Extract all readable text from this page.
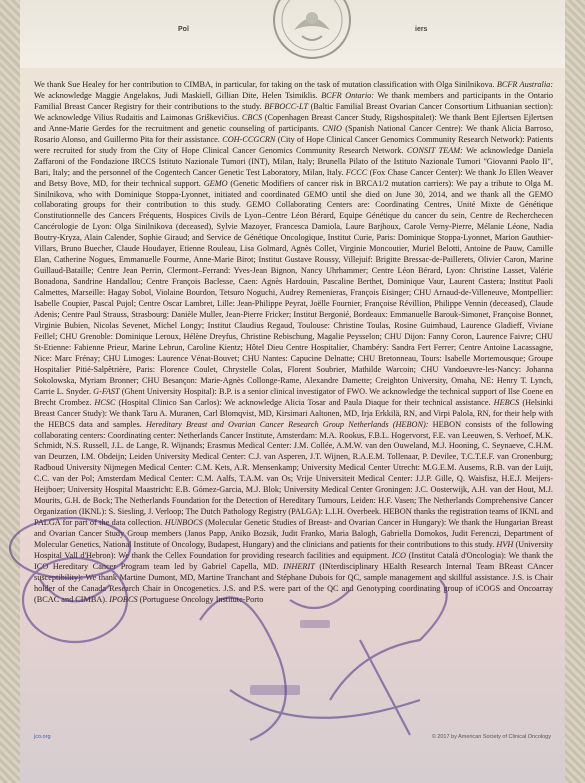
Pol	iers

We thank Sue Healey for her contribution to CIMBA, in particular, for taking on the task of mutation classification with Olga Sinilnikova. BCFR Australia: We acknowledge Maggie Angelakos, Judi Maskiell, Gillian Dite, Helen Tsimiklis. BCFR Ontario: We thank members and participants in the Ontario Familial Breast Cancer Registry for their contributions to the study. BFBOCC-LT (Baltic Familial Breast Ovarian Cancer Consortium Lithuanian section): We acknowledge Vilius Rudaitis and Laimonas Griškevičius. CBCS (Copenhagen Breast Cancer Study, Rigshospitalet): We thank Bent Ejlertsen Ejlertsen and Anne-Marie Gerdes for the recruitment and genetic counseling of participants. CNIO (Spanish National Cancer Centre): We thank Alicia Barroso, Rosario Alonso, and Guillermo Pita for their assistance. COH-CCGCRN (City of Hope Clinical Cancer Genomics Community Research Network): Patients were recruited for study from the City of Hope Clinical Cancer Genomics Community Research Network. CONSIT TEAM: We acknowledge Daniela Zaffaroni of the Fondazione IRCCS Istituto Nazionale Tumori (INT), Milan, Italy; Brunella Pilato of the Istituto Nazionale Tumori "Giovanni Paolo II", Bari, Italy; and the personnel of the Cogentech Cancer Genetic Test Laboratory, Milan, Italy. FCCC (Fox Chase Cancer Center): We thank Jo Ellen Weaver and Betsy Bove, MD, for their technical support. GEMO (Genetic Modifiers of cancer risk in BRCA1/2 mutation carriers): We pay a tribute to Olga M. Sinilnikova, who with Dominique Stoppa-Lyonnet, initiated and coordinated GEMO until she died on June 30, 2014, and we thank all the GEMO collaborating groups for their contribution to this study. GEMO Collaborating Centers are: Coordinating Centres, Unité Mixte de Génétique Constitutionnelle des Cancers Fréquents, Hospices Civils de Lyon–Centre Léon Bérard, Equipe Génétique du cancer du sein, Centre de Recherchecen Cancérologie de Lyon: Olga Sinilnikova (deceased), Sylvie Mazoyer, Francesca Damiola, Laure Barjhoux, Carole Verny-Pierre, Mélanie Léone, Nadia Boutry-Kryza, Alain Calender, Sophie Giraud; and Service de Génétique Oncologique, Institut Curie, Paris: Dominique Stoppa-Lyonnet, Marion Gauthier-Villars, Bruno Buecher, Claude Houdayer, Etienne Rouleau, Lisa Golmard, Agnès Collet, Virginie Moncoutier, Muriel Belotti, Antoine de Pauw, Camille Elan, Catherine Nogues, Emmanuelle Fourme, Anne-Marie Birot; Institut Gustave Roussy, Villejuif: Brigitte Bressac-de-Paillerets, Olivier Caron, Marine Guillaud-Bataille; Centre Jean Perrin, Clermont–Ferrand: Yves-Jean Bignon, Nancy Uhrhammer; Centre Léon Bérard, Lyon: Christine Lasset, Valérie Bonadona, Sandrine Handallou; Centre François Baclesse, Caen: Agnès Hardouin, Pascaline Berthet, Dominique Vaur, Laurent Castera; Institut Paoli Calmettes, Marseille: Hagay Sobol, Violaine Bourdon, Tetsuro Noguchi, Audrey Remenieras, François Eisinger; CHU Arnaud-de-Villeneuve, Montpellier: Isabelle Coupier, Pascal Pujol; Centre Oscar Lambret, Lille: Jean-Philippe Peyrat, Joëlle Fournier, Françoise Révillion, Philippe Vennin (deceased), Claude Adenis; Centre Paul Strauss, Strasbourg: Danièle Muller, Jean-Pierre Fricker; Institut Bergonié, Bordeaux: Emmanuelle Barouk-Simonet, Françoise Bonnet, Virginie Bubien, Nicolas Sevenet, Michel Longy; Institut Claudius Regaud, Toulouse: Christine Toulas, Rosine Guimbaud, Laurence Gladieff, Viviane Feillel; CHU Grenoble: Dominique Leroux, Hélène Dreyfus, Christine Rebischung, Magalie Peysselon; CHU Dijon: Fanny Coron, Laurence Faivre; CHU St-Etienne: Fabienne Prieur, Marine Lebrun, Caroline Kientz; Hôtel Dieu Centre Hospitalier, Chambéry: Sandra Fert Ferrer; Centre Antoine Lacassagne, Nice: Marc Frénay; CHU Limoges: Laurence Vénat-Bouvet; CHU Nantes: Capucine Delnatte; CHU Bretonneau, Tours: Isabelle Mortemousque; Groupe Hospitalier Pitié-Salpêtrière, Paris: Florence Coulet, Chrystelle Colas, Florent Soubrier, Mathilde Warcoin; CHU Vandoeuvre-les-Nancy: Johanna Sokolowska, Myriam Bronner; CHU Besançon: Marie-Agnès Collonge-Rame, Alexandre Damette; Creighton University, Omaha, NE: Henry T. Lynch, Carrie L. Snyder. G-FAST (Ghent University Hospital): B.P. is a senior clinical investigator of FWO. We acknowledge the technical support of Ilse Coene en Brecht Crombez. HCSC (Hospital Clinico San Carlos): We acknowledge Alicia Tosar and Paula Diaque for their technical assistance. HEBCS (Helsinki Breast Cancer Study): We thank Taru A. Muranen, Carl Blomqvist, MD, Kirsimari Aaltonen, MD, Irja Erkkilä, RN, and Virpi Palola, RN, for their help with the HEBCS data and samples. Hereditary Breast and Ovarian Cancer Research Group Netherlands (HEBON): HEBON consists of the following collaborating centers: Coordinating center: Netherlands Cancer Institute, Amsterdam: M.A. Rookus, F.B.L. Hogervorst, F.E. van Leeuwen, S. Verhoef, M.K. Schmidt, N.S. Russell, J.L. de Lange, R. Wijnands; Erasmus Medical Center: J.M. Collée, A.M.W. van den Ouweland, M.J. Hooning, C. Seynaeve, C.H.M. van Deurzen, I.M. Obdeijn; Leiden University Medical Center: C.J. van Asperen, J.T. Wijnen, R.A.E.M. Tollenaar, P. Devilee, T.C.T.E.F. van Cronenburg; Radboud University Nijmegen Medical Center: C.M. Kets, A.R. Mensenkamp; University Medical Center Utrecht: M.G.E.M. Ausems, R.B. van der Luijt, C.C. van der Pol; Amsterdam Medical Center: C.M. Aalfs, T.A.M. van Os; Vrije Universiteit Medical Center: J.J.P. Gille, Q. Waisfisz, H.E.J. Meijers-Heijboer; University Hospital Maastricht: E.B. Gómez-Garcia, M.J. Blok; University Medical Center Groningen: J.C. Oosterwijk, A.H. van der Hout, M.J. Mourits, G.H. de Bock; The Netherlands Foundation for the Detection of Hereditary Tumours, Leiden: H.F. Vasen; The Netherlands Comprehensive Cancer Organization (IKNL): S. Siesling, J. Verloop; The Dutch Pathology Registry (PALGA): L.I.H. Overbeek. HEBON thanks the registration teams of IKNL and PALGA for part of the data collection. HUNBOCS (Molecular Genetic Studies of Breast- and Ovarian Cancer in Hungary): We thank the Hungarian Breast and Ovarian Cancer Study Group members (Janos Papp, Aniko Bozsik, Judit Franko, Maria Balogh, Gabriella Domokos, Judit Ferenczi, Department of Molecular Genetics, National Institute of Oncology, Budapest, Hungary) and the clinicians and patients for their contributions to this study. HVH (University Hospital Vall d'Hebron): We thank the Cellex Foundation for providing research facilities and equipment. ICO (Institut Català d'Oncologia): We thank the ICO Hereditary Cancer Program team led by Gabriel Capella, MD. INHERIT (INterdisciplinary HEalth Research Internal Team BReast CAncer susceptibility): We thank Martine Dumont, MD, Martine Tranchant and Stéphane Dubois for QC, sample management and skillful assistance. J.S. is Chair holder of the Canada Research Chair in Oncogenetics. J.S. and P.S. were part of the QC and Genotyping coordinating group of iCOGS and Oncoarray (BCAC and CIMBA). IPOBCS (Portuguese Oncology Institute-Porto

jco.org	© 2017 by American Society of Clinical Oncology
